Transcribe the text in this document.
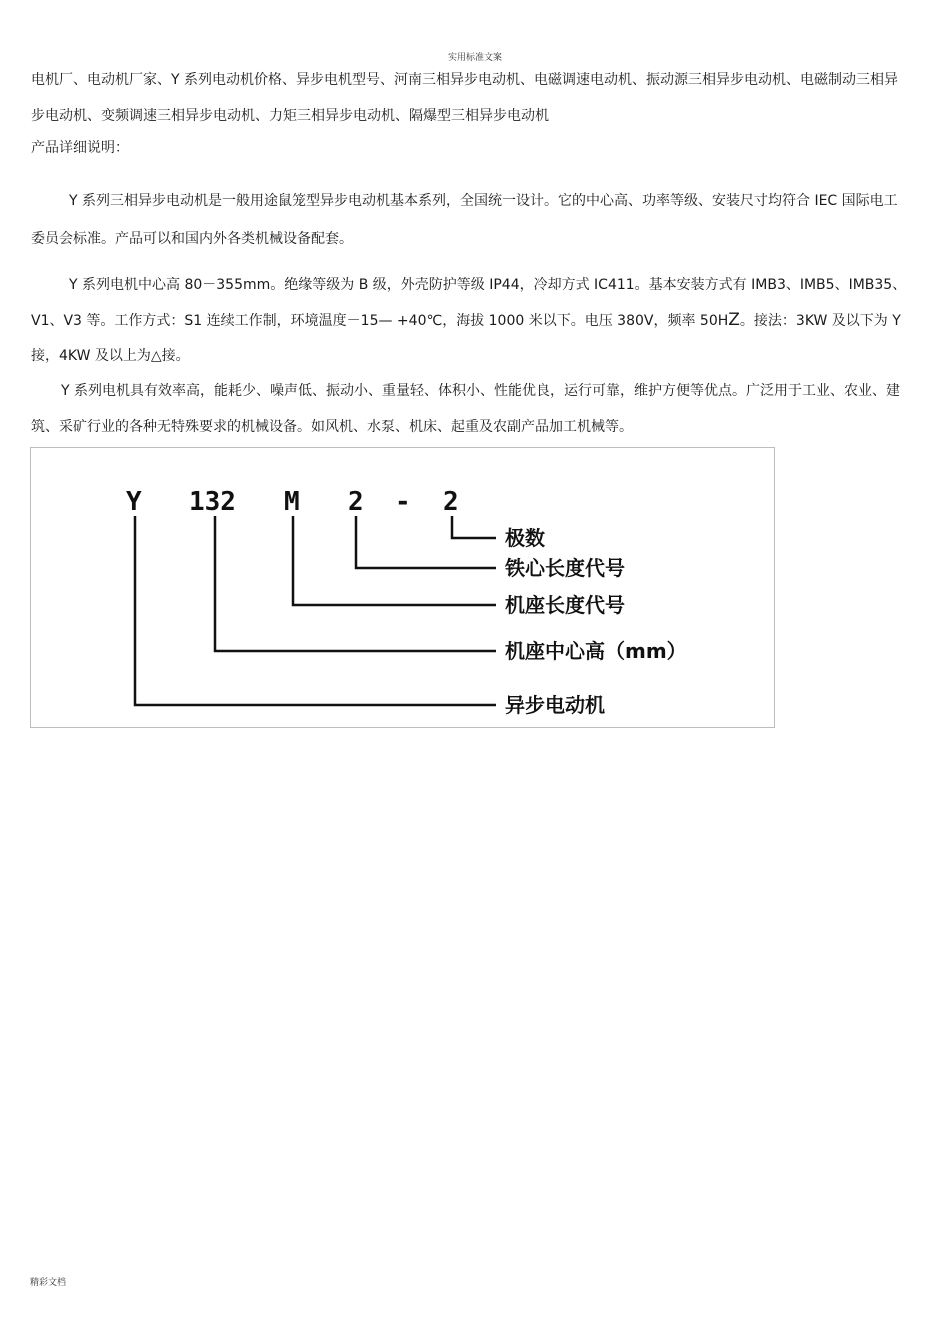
实用标准文案

电机厂、电动机厂家、Y 系列电动机价格、异步电机型号、河南三相异步电动机、电磁调速电动机、振动源三相异步电动机、电磁制动三相异步电动机、变频调速三相异步电动机、力矩三相异步电动机、隔爆型三相异步电动机

产品详细说明：

Y 系列三相异步电动机是一般用途鼠笼型异步电动机基本系列，全国统一设计。它的中心高、功率等级、安装尺寸均符合 IEC 国际电工委员会标准。产品可以和国内外各类机械设备配套。

Y 系列电机中心高 80－355mm。绝缘等级为 B 级，外壳防护等级 IP44，冷却方式 IC411。基本安装方式有 IMB3、IMB5、IMB35、V1、V3 等。工作方式：S1 连续工作制，环境温度－15— +40℃，海拔 1000 米以下。电压 380V，频率 50HZ。接法：3KW 及以下为 Y 接，4KW 及以上为△接。

Y 系列电机具有效率高，能耗少、噪声低、振动小、重量轻、体积小、性能优良，运行可靠，维护方便等优点。广泛用于工业、农业、建筑、采矿行业的各种无特殊要求的机械设备。如风机、水泵、机床、起重及农副产品加工机械等。

Y 132 M 2 - 2
极数
铁心长度代号
机座长度代号
机座中心高（mm）
异步电动机
精彩文档
